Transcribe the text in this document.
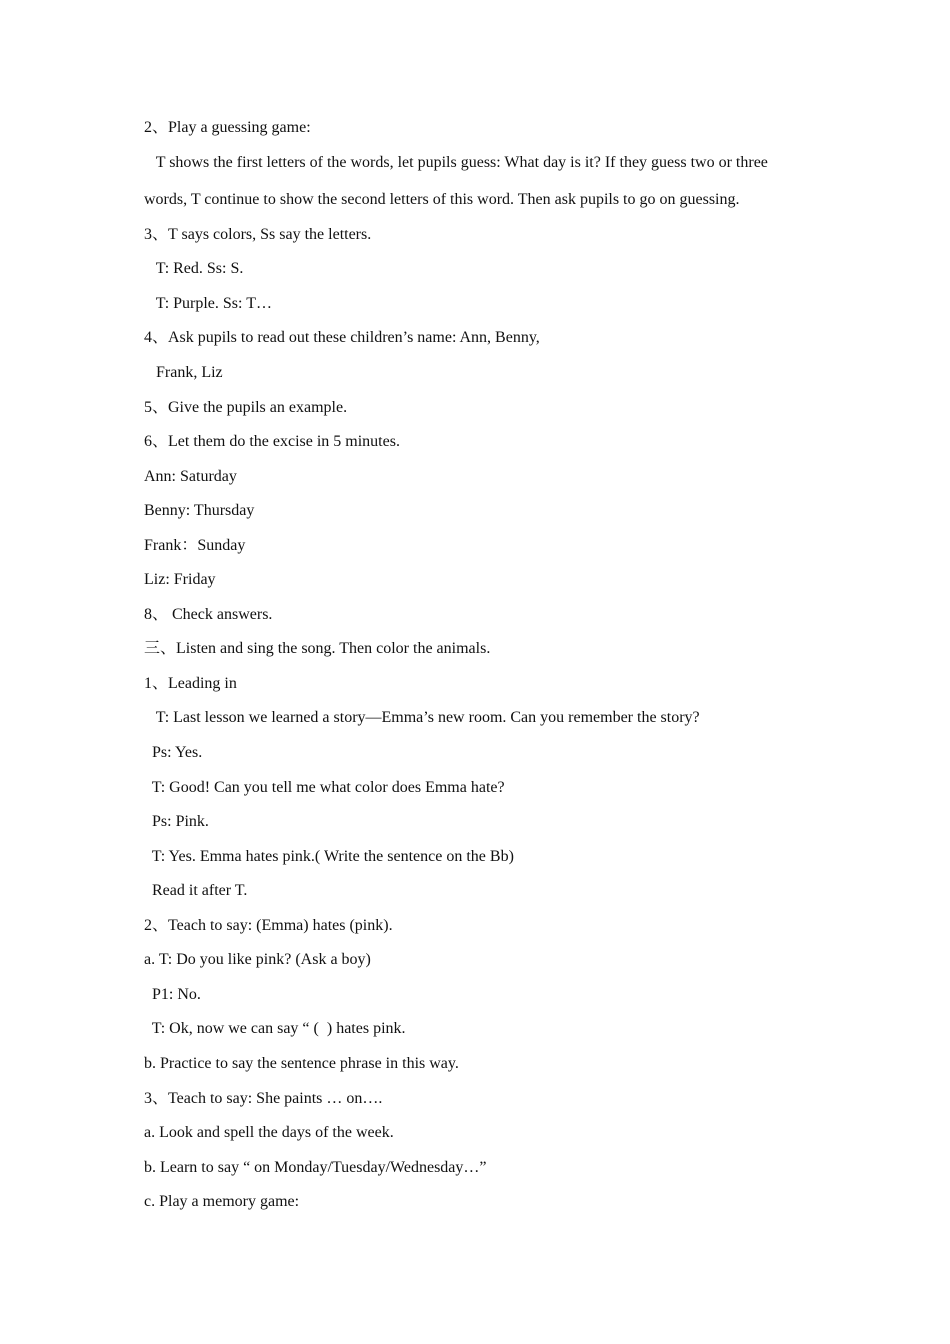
2、Play a guessing game:
T shows the first letters of the words, let pupils guess: What day is it? If they guess two or three
words, T continue to show the second letters of this word. Then ask pupils to go on guessing.
3、T says colors, Ss say the letters.
T: Red. Ss: S.
T: Purple. Ss: T…
4、Ask pupils to read out these children’s name: Ann, Benny,
Frank, Liz
5、Give the pupils an example.
6、Let them do the excise in 5 minutes.
Ann: Saturday
Benny: Thursday
Frank：Sunday
Liz: Friday
8、 Check answers.
三、Listen and sing the song. Then color the animals.
1、Leading in
T: Last lesson we learned a story—Emma’s new room. Can you remember the story?
Ps: Yes.
T: Good! Can you tell me what color does Emma hate?
Ps: Pink.
T: Yes. Emma hates pink.( Write the sentence on the Bb)
Read it after T.
2、Teach to say: (Emma) hates (pink).
a. T: Do you like pink? (Ask a boy)
P1: No.
T: Ok, now we can say “ (  ) hates pink.
b. Practice to say the sentence phrase in this way.
3、Teach to say: She paints … on….
a. Look and spell the days of the week.
b. Learn to say “ on Monday/Tuesday/Wednesday…”
c. Play a memory game:
